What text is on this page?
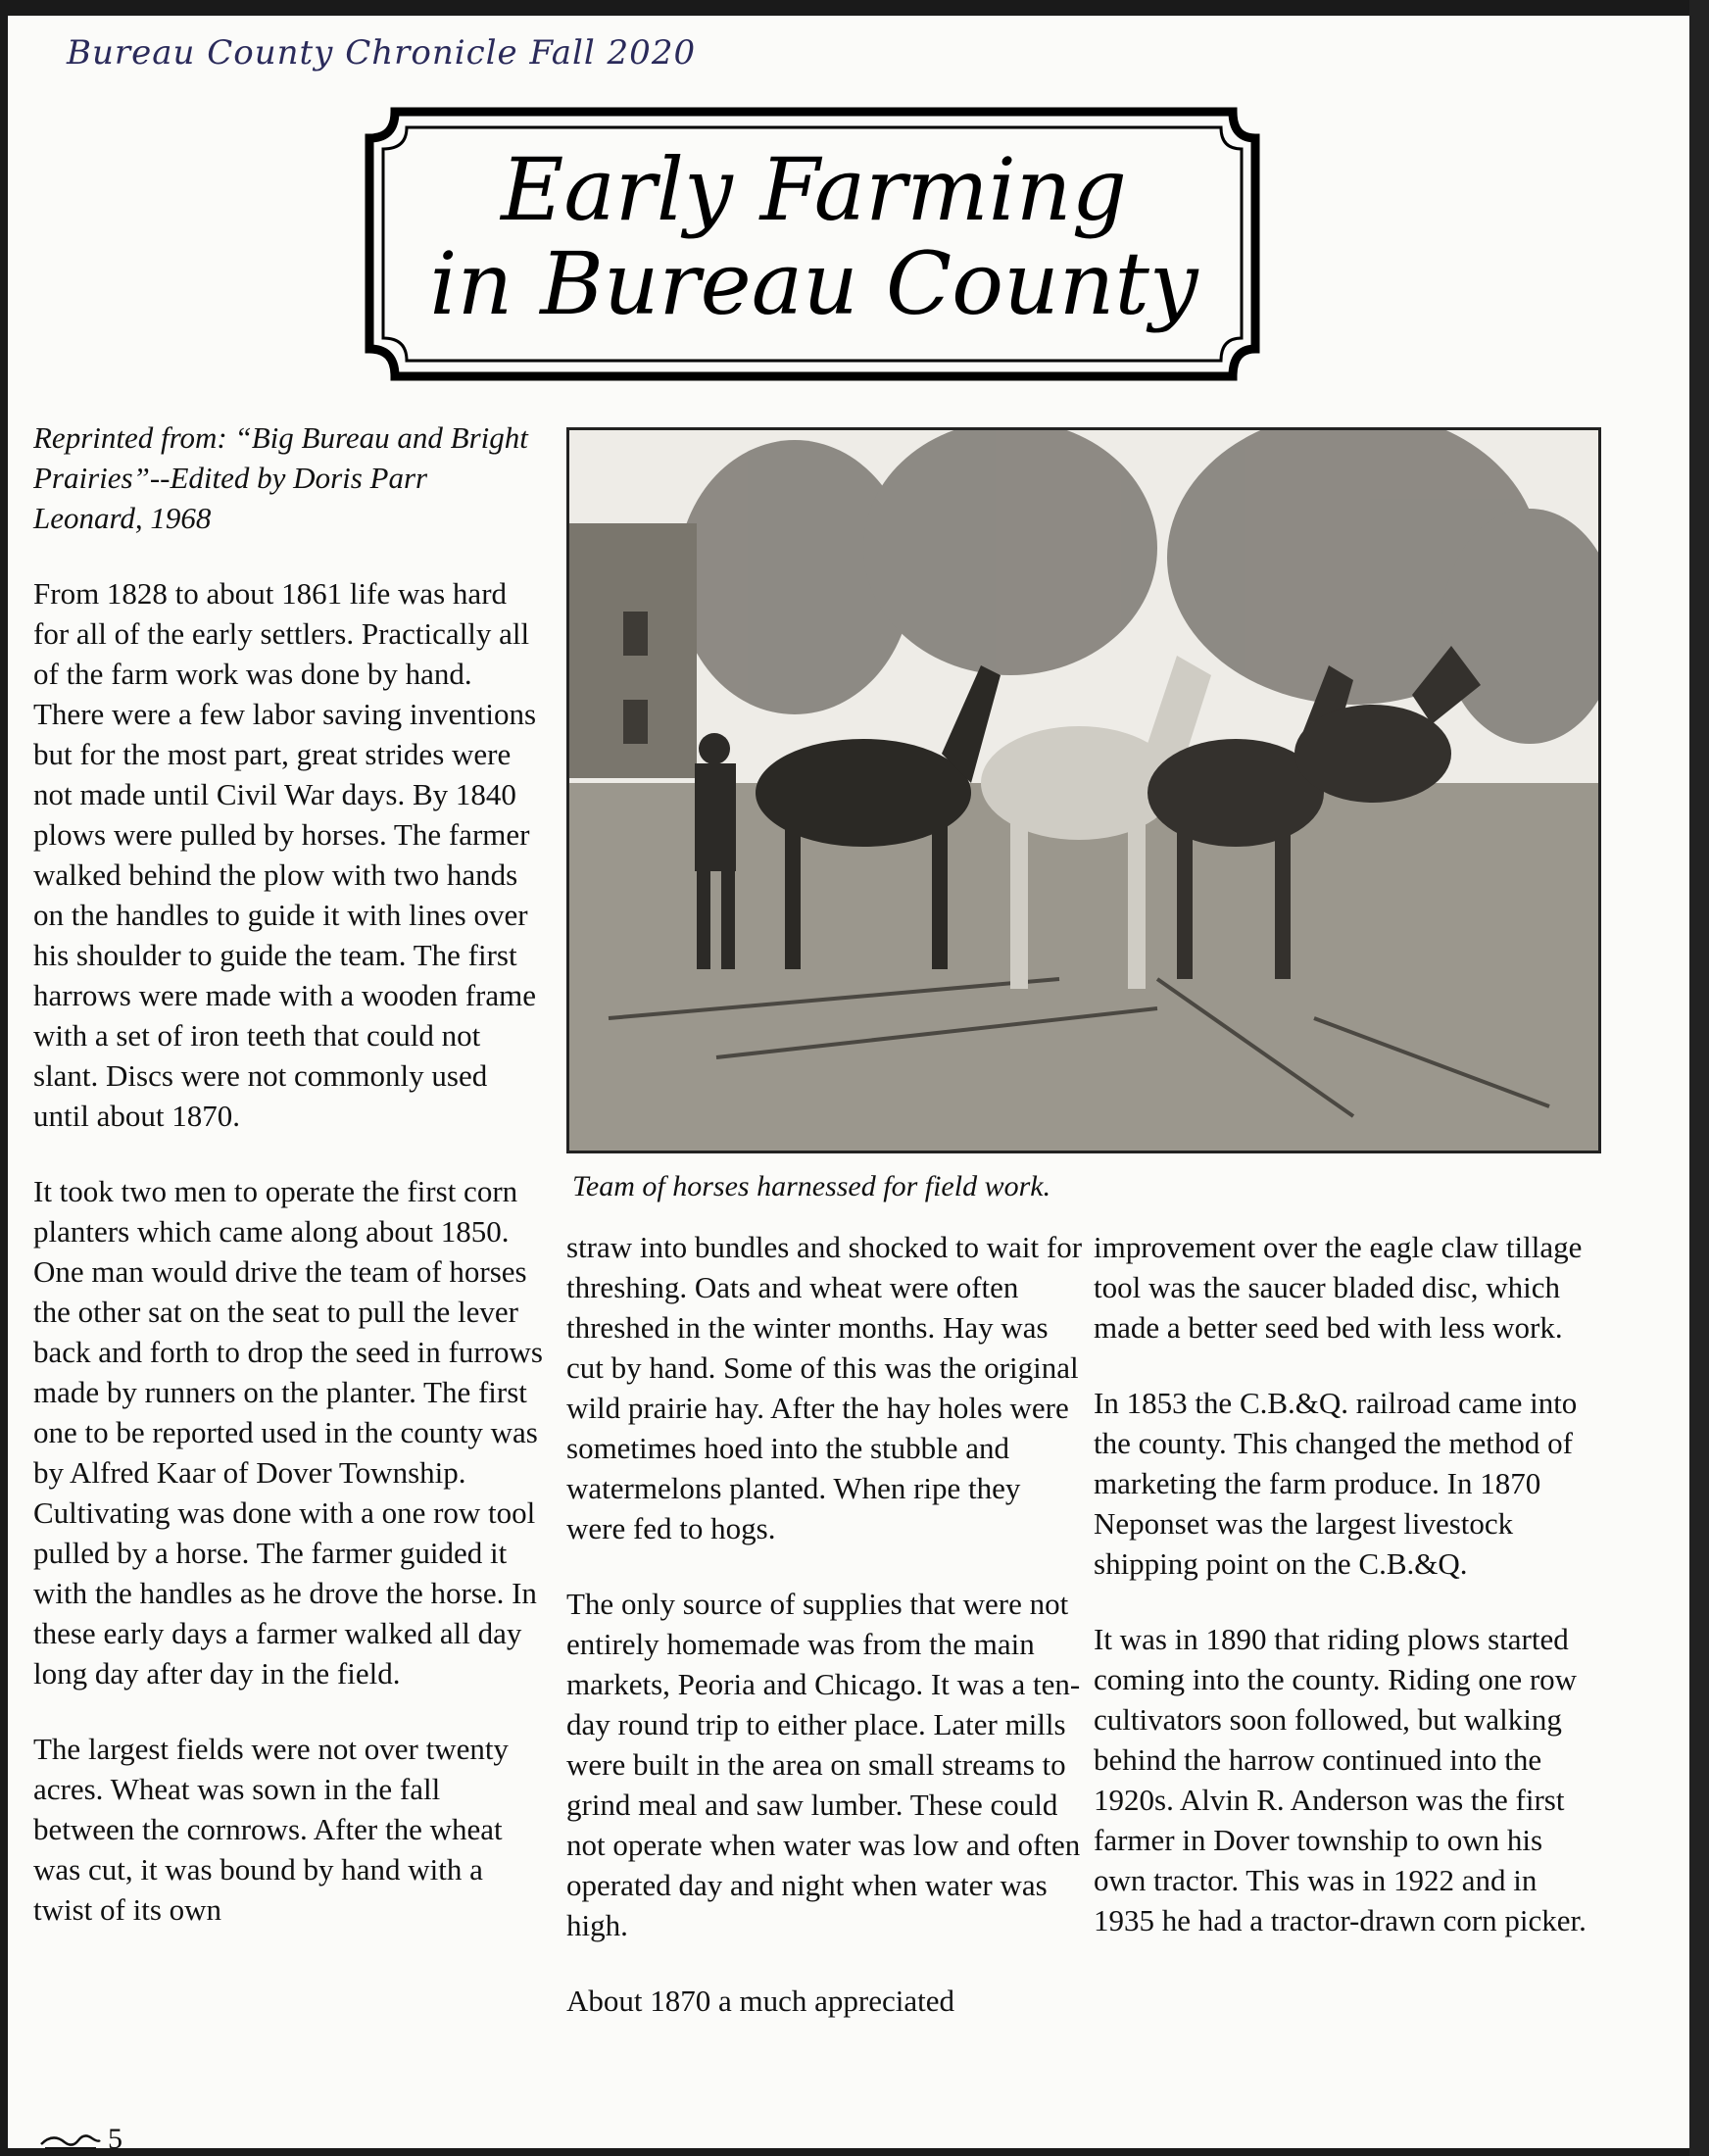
Bureau County Chronicle Fall 2020
Early Farming
in Bureau County

Reprinted from: “Big Bureau and Bright Prairies”--Edited by Doris Parr Leonard, 1968

From 1828 to about 1861 life was hard for all of the early settlers. Practically all of the farm work was done by hand. There were a few labor saving inventions but for the most part, great strides were not made until Civil War days. By 1840 plows were pulled by horses. The farmer walked behind the plow with two hands on the handles to guide it with lines over his shoulder to guide the team. The first harrows were made with a wooden frame with a set of iron teeth that could not slant. Discs were not commonly used until about 1870.

It took two men to operate the first corn planters which came along about 1850. One man would drive the team of horses the other sat on the seat to pull the lever back and forth to drop the seed in furrows made by runners on the planter. The first one to be reported used in the county was by Alfred Kaar of Dover Township. Cultivating was done with a one row tool pulled by a horse. The farmer guided it with the handles as he drove the horse. In these early days a farmer walked all day long day after day in the field.

The largest fields were not over twenty acres. Wheat was sown in the fall between the cornrows. After the wheat was cut, it was bound by hand with a twist of its own

Team of horses harnessed for field work.

straw into bundles and shocked to wait for threshing. Oats and wheat were often threshed in the winter months. Hay was cut by hand. Some of this was the original wild prairie hay. After the hay holes were sometimes hoed into the stubble and watermelons planted. When ripe they were fed to hogs.

The only source of supplies that were not entirely homemade was from the main markets, Peoria and Chicago. It was a ten-day round trip to either place. Later mills were built in the area on small streams to grind meal and saw lumber. These could not operate when water was low and often operated day and night when water was high.

About 1870 a much appreciated

improvement over the eagle claw tillage tool was the saucer bladed disc, which made a better seed bed with less work.

In 1853 the C.B.&Q. railroad came into the county. This changed the method of marketing the farm produce. In 1870 Neponset was the largest livestock shipping point on the C.B.&Q.

It was in 1890 that riding plows started coming into the county. Riding one row cultivators soon followed, but walking behind the harrow continued into the 1920s. Alvin R. Anderson was the first farmer in Dover township to own his own tractor. This was in 1922 and in 1935 he had a tractor-drawn corn picker.

5
